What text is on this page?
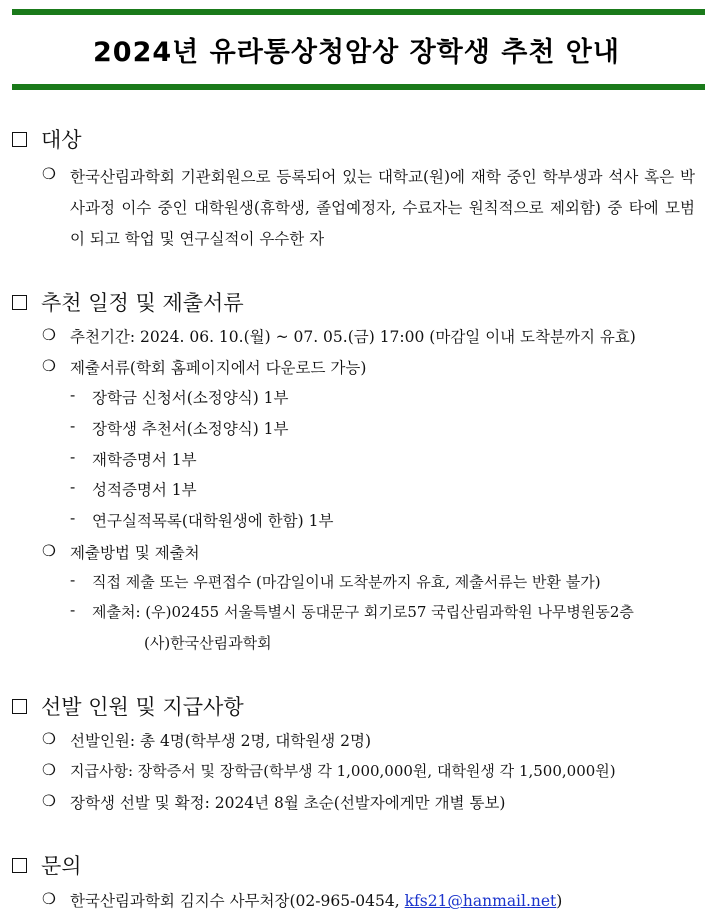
2024년 유라통상청암상 장학생 추천 안내
대상
❍ 한국산림과학회 기관회원으로 등록되어 있는 대학교(원)에 재학 중인 학부생과 석사 혹은 박사과정 이수 중인 대학원생(휴학생, 졸업예정자, 수료자는 원칙적으로 제외함) 중 타에 모범이 되고 학업 및 연구실적이 우수한 자
추천 일정 및 제출서류
❍ 추천기간: 2024. 06. 10.(월) ~ 07. 05.(금) 17:00 (마감일 이내 도착분까지 유효)
❍ 제출서류(학회 홈페이지에서 다운로드 가능)
- 장학금 신청서(소정양식) 1부
- 장학생 추천서(소정양식) 1부
- 재학증명서 1부
- 성적증명서 1부
- 연구실적목록(대학원생에 한함) 1부
❍ 제출방법 및 제출처
- 직접 제출 또는 우편접수 (마감일이내 도착분까지 유효, 제출서류는 반환 불가)
- 제출처: (우)02455 서울특별시 동대문구 회기로57 국립산림과학원 나무병원동2층
(사)한국산림과학회
선발 인원 및 지급사항
❍ 선발인원: 총 4명(학부생 2명, 대학원생 2명)
❍ 지급사항: 장학증서 및 장학금(학부생 각 1,000,000원, 대학원생 각 1,500,000원)
❍ 장학생 선발 및 확정: 2024년 8월 초순(선발자에게만 개별 통보)
문의
❍ 한국산림과학회 김지수 사무처장(02-965-0454, kfs21@hanmail.net)
